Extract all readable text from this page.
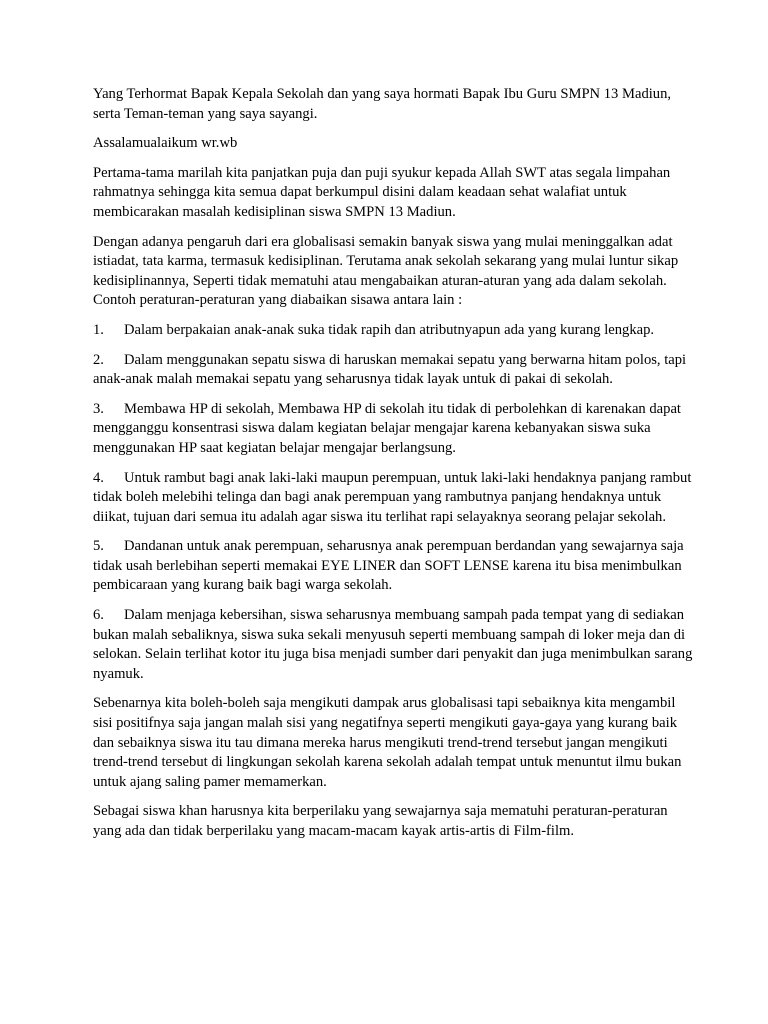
Yang Terhormat Bapak Kepala Sekolah dan yang saya hormati Bapak Ibu Guru SMPN 13 Madiun, serta Teman-teman yang saya sayangi.

Assalamualaikum wr.wb

Pertama-tama marilah kita panjatkan puja dan puji syukur kepada Allah SWT atas segala limpahan rahmatnya sehingga kita semua dapat berkumpul disini dalam keadaan sehat walafiat untuk membicarakan masalah kedisiplinan siswa SMPN 13 Madiun.

Dengan adanya pengaruh dari era globalisasi semakin banyak siswa yang mulai meninggalkan adat istiadat, tata karma, termasuk kedisiplinan. Terutama anak sekolah sekarang yang mulai luntur sikap kedisiplinannya, Seperti tidak mematuhi atau mengabaikan aturan-aturan yang ada dalam sekolah. Contoh peraturan-peraturan yang diabaikan sisawa antara lain :

1. Dalam berpakaian anak-anak suka tidak rapih dan atributnyapun ada yang kurang lengkap.

2. Dalam menggunakan sepatu siswa di haruskan memakai sepatu yang berwarna hitam polos, tapi anak-anak malah memakai sepatu yang seharusnya tidak layak untuk di pakai di sekolah.

3. Membawa HP di sekolah, Membawa HP di sekolah itu tidak di perbolehkan di karenakan dapat mengganggu konsentrasi siswa dalam kegiatan belajar mengajar karena kebanyakan siswa suka menggunakan HP saat kegiatan belajar mengajar berlangsung.

4. Untuk rambut bagi anak laki-laki maupun perempuan, untuk laki-laki hendaknya panjang rambut tidak boleh melebihi telinga dan bagi anak perempuan yang rambutnya panjang hendaknya untuk diikat, tujuan dari semua itu adalah agar siswa itu terlihat rapi selayaknya seorang pelajar sekolah.

5. Dandanan untuk anak perempuan, seharusnya anak perempuan berdandan yang sewajarnya saja tidak usah berlebihan seperti memakai EYE LINER dan SOFT LENSE karena itu bisa menimbulkan pembicaraan yang kurang baik bagi warga sekolah.

6. Dalam menjaga kebersihan, siswa seharusnya membuang sampah pada tempat yang di sediakan bukan malah sebaliknya, siswa suka sekali menyusuh seperti membuang sampah di loker meja dan di selokan. Selain terlihat kotor itu juga bisa menjadi sumber dari penyakit dan juga menimbulkan sarang nyamuk.

Sebenarnya kita boleh-boleh saja mengikuti dampak arus globalisasi tapi sebaiknya kita mengambil sisi positifnya saja jangan malah sisi yang negatifnya seperti mengikuti gaya-gaya yang kurang baik dan sebaiknya siswa itu tau dimana mereka harus mengikuti trend-trend tersebut jangan mengikuti trend-trend tersebut di lingkungan sekolah karena sekolah adalah tempat untuk menuntut ilmu bukan untuk ajang saling pamer memamerkan.

Sebagai siswa khan harusnya kita berperilaku yang sewajarnya saja mematuhi peraturan-peraturan yang ada dan tidak berperilaku yang macam-macam kayak artis-artis di Film-film.
